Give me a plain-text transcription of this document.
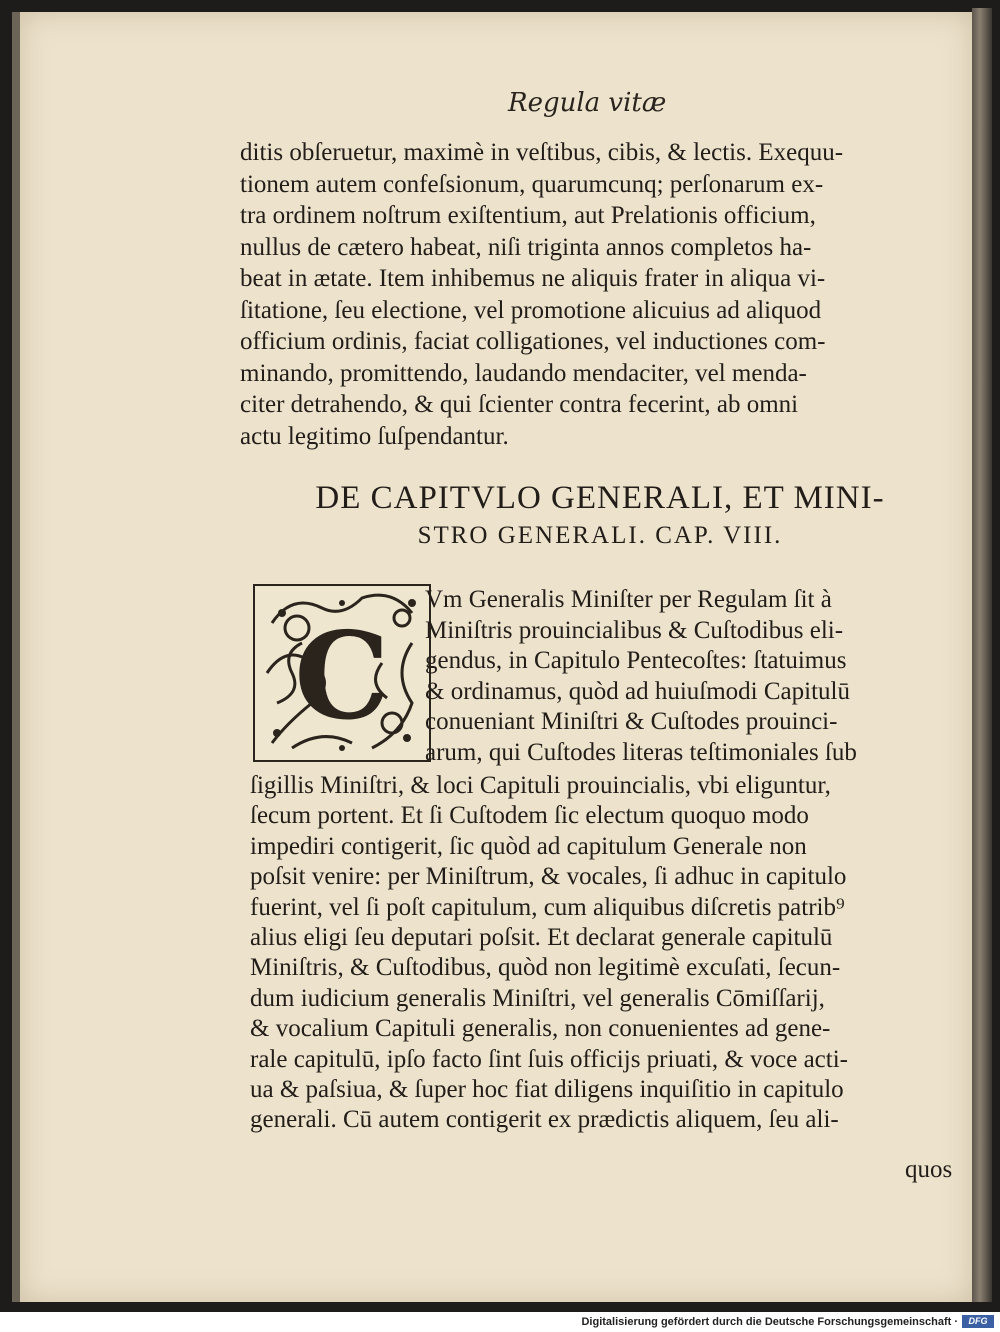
Regula vitæ
ditis obſeruetur, maximè in veſtibus, cibis, & lectis. Exequu-
tionem autem confeſsionum, quarumcunq; perſonarum ex-
tra ordinem noſtrum exiſtentium, aut Prelationis officium,
nullus de cætero habeat, niſi triginta annos completos ha-
beat in ætate. Item inhibemus ne aliquis frater in aliqua vi-
ſitatione, ſeu electione, vel promotione alicuius ad aliquod
officium ordinis, faciat colligationes, vel inductiones com-
minando, promittendo, laudando mendaciter, vel menda-
citer detrahendo, & qui ſcienter contra fecerint, ab omni
actu legitimo ſuſpendantur.
DE CAPITVLO GENERALI, ET MINI-
STRO GENERALI. CAP. VIII.
C
Vm Generalis Miniſter per Regulam ſit à
Miniſtris prouincialibus & Cuſtodibus eli-
gendus, in Capitulo Pentecoſtes: ſtatuimus
& ordinamus, quòd ad huiuſmodi Capitulū
conueniant Miniſtri & Cuſtodes prouinci-
arum, qui Cuſtodes literas teſtimoniales ſub
ſigillis Miniſtri, & loci Capituli prouincialis, vbi eliguntur,
ſecum portent. Et ſi Cuſtodem ſic electum quoquo modo
impediri contigerit, ſic quòd ad capitulum Generale non
poſsit venire: per Miniſtrum, & vocales, ſi adhuc in capitulo
fuerint, vel ſi poſt capitulum, cum aliquibus diſcretis patrib⁹
alius eligi ſeu deputari poſsit. Et declarat generale capitulū
Miniſtris, & Cuſtodibus, quòd non legitimè excuſati, ſecun-
dum iudicium generalis Miniſtri, vel generalis Cōmiſſarij,
& vocalium Capituli generalis, non conuenientes ad gene-
rale capitulū, ipſo facto ſint ſuis officijs priuati, & voce acti-
ua & paſsiua, & ſuper hoc fiat diligens inquiſitio in capitulo
generali. Cū autem contigerit ex prædictis aliquem, ſeu ali-
quos
Digitalisierung gefördert durch die Deutsche Forschungsgemeinschaft ·	DFG
